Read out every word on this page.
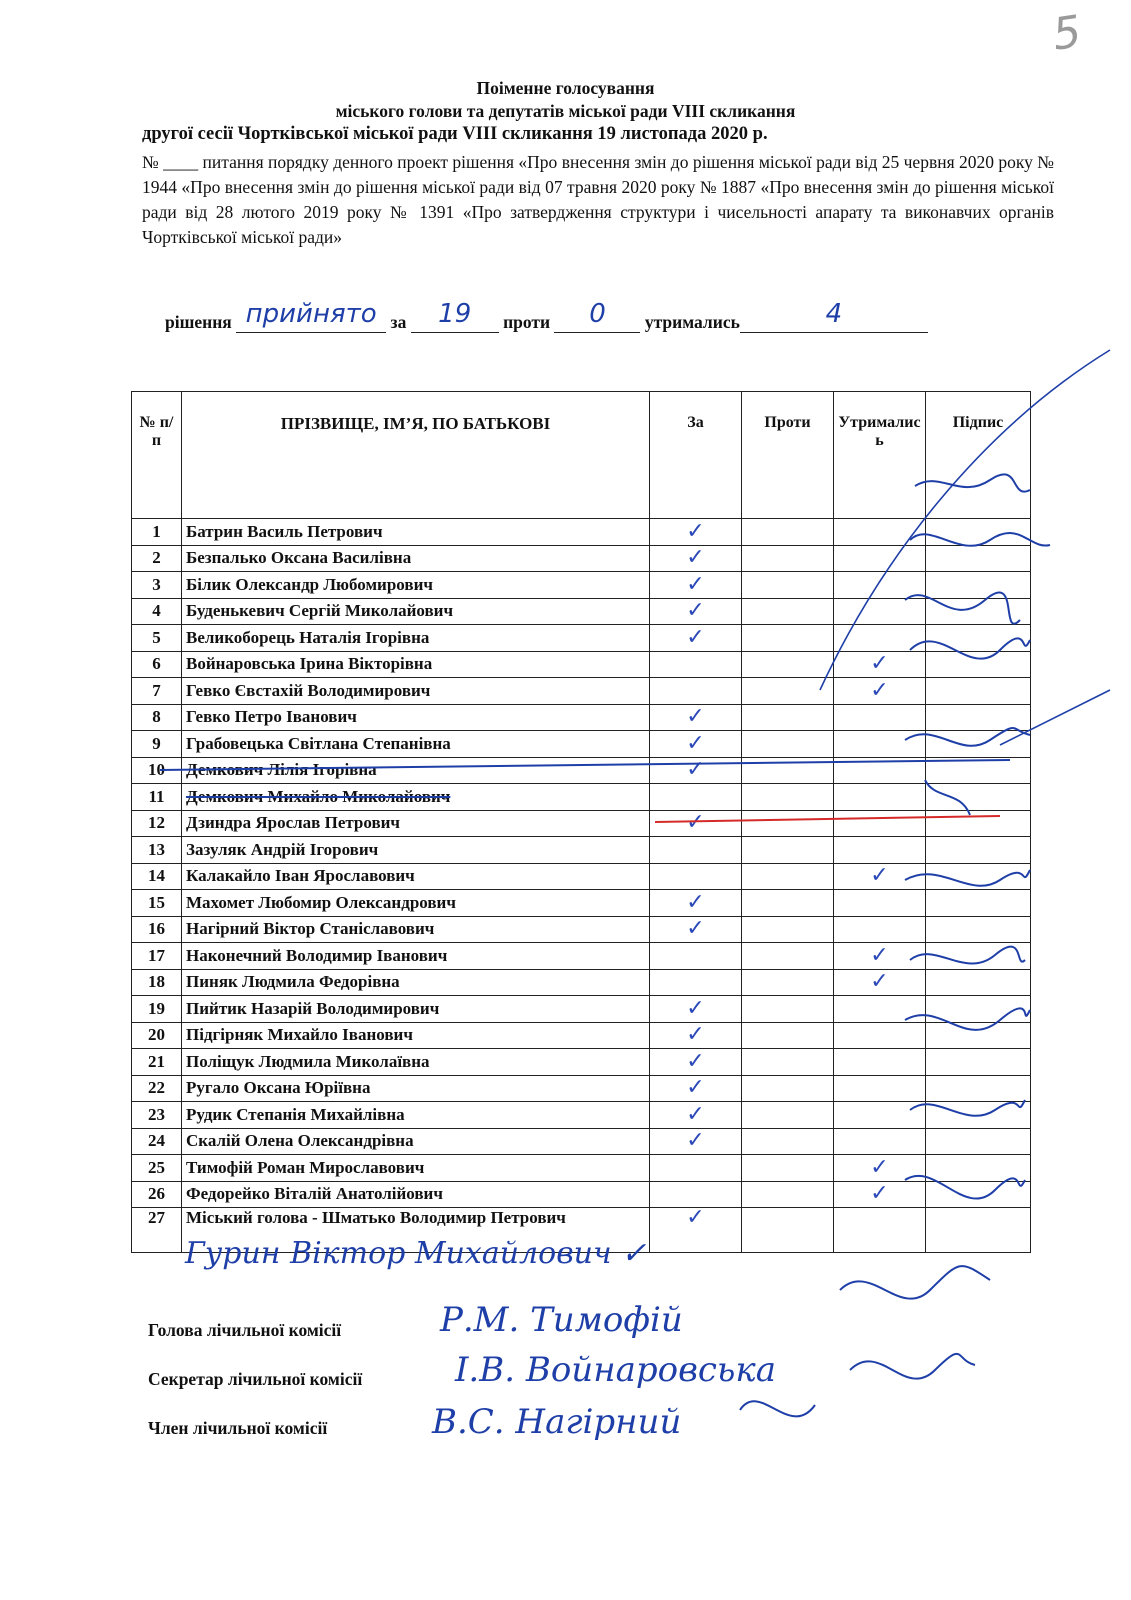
5
Поіменне голосування
міського голови та депутатів міської ради VIII скликання
другої сесії Чортківської міської ради VIII скликання 19 листопада 2020 р.
№ ____ питання порядку денного проект рішення «Про внесення змін до рішення міської ради від 25 червня 2020 року № 1944 «Про внесення змін до рішення міської ради від 07 травня 2020 року № 1887 «Про внесення змін до рішення міської ради від 28 лютого 2019 року № 1391 «Про затвердження структури і чисельності апарату та виконавчих органів Чортківської міської ради»
рішення прийнято за	19	проти	0	утримались	4
№ п/п	ПРІЗВИЩЕ, ІМ’Я, ПО БАТЬКОВІ	За	Проти	Утрималис ь	Підпис
1	Батрин Василь Петрович	✓			
2	Безпалько Оксана Василівна	✓			
3	Білик Олександр Любомирович	✓			
4	Буденькевич Сергій Миколайович	✓			
5	Великоборець Наталія Ігорівна	✓			
6	Войнаровська Ірина Вікторівна			✓	
7	Гевко Євстахій Володимирович			✓	
8	Гевко Петро Іванович	✓			
9	Грабовецька Світлана Степанівна	✓			
10	Демкович Лілія Ігорівна	✓			
11	Демкович Михайло Миколайович				
12	Дзиндра Ярослав Петрович	✓			
13	Зазуляк Андрій Ігорович				
14	Калакайло Іван Ярославович			✓	
15	Махомет Любомир Олександрович	✓			
16	Нагірний Віктор Станіславович	✓			
17	Наконечний Володимир Іванович			✓	
18	Пиняк Людмила Федорівна			✓	
19	Пийтик Назарій Володимирович	✓			
20	Підгірняк Михайло Іванович	✓			
21	Поліщук Людмила Миколаївна	✓			
22	Ругало Оксана Юріївна	✓			
23	Рудик Степанія Михайлівна	✓			
24	Скалій Олена Олександрівна	✓			
25	Тимофій Роман Мирославович			✓	
26	Федорейко Віталій Анатолійович			✓	
27	Міський голова - Шматько Володимир Петрович	✓			
Гурин Віктор Михайлович ✓
Голова лічильної комісії	Р.М. Тимофій
Секретар лічильної комісії	І.В. Войнаровська
Член лічильної комісії	В.С. Нагірний
